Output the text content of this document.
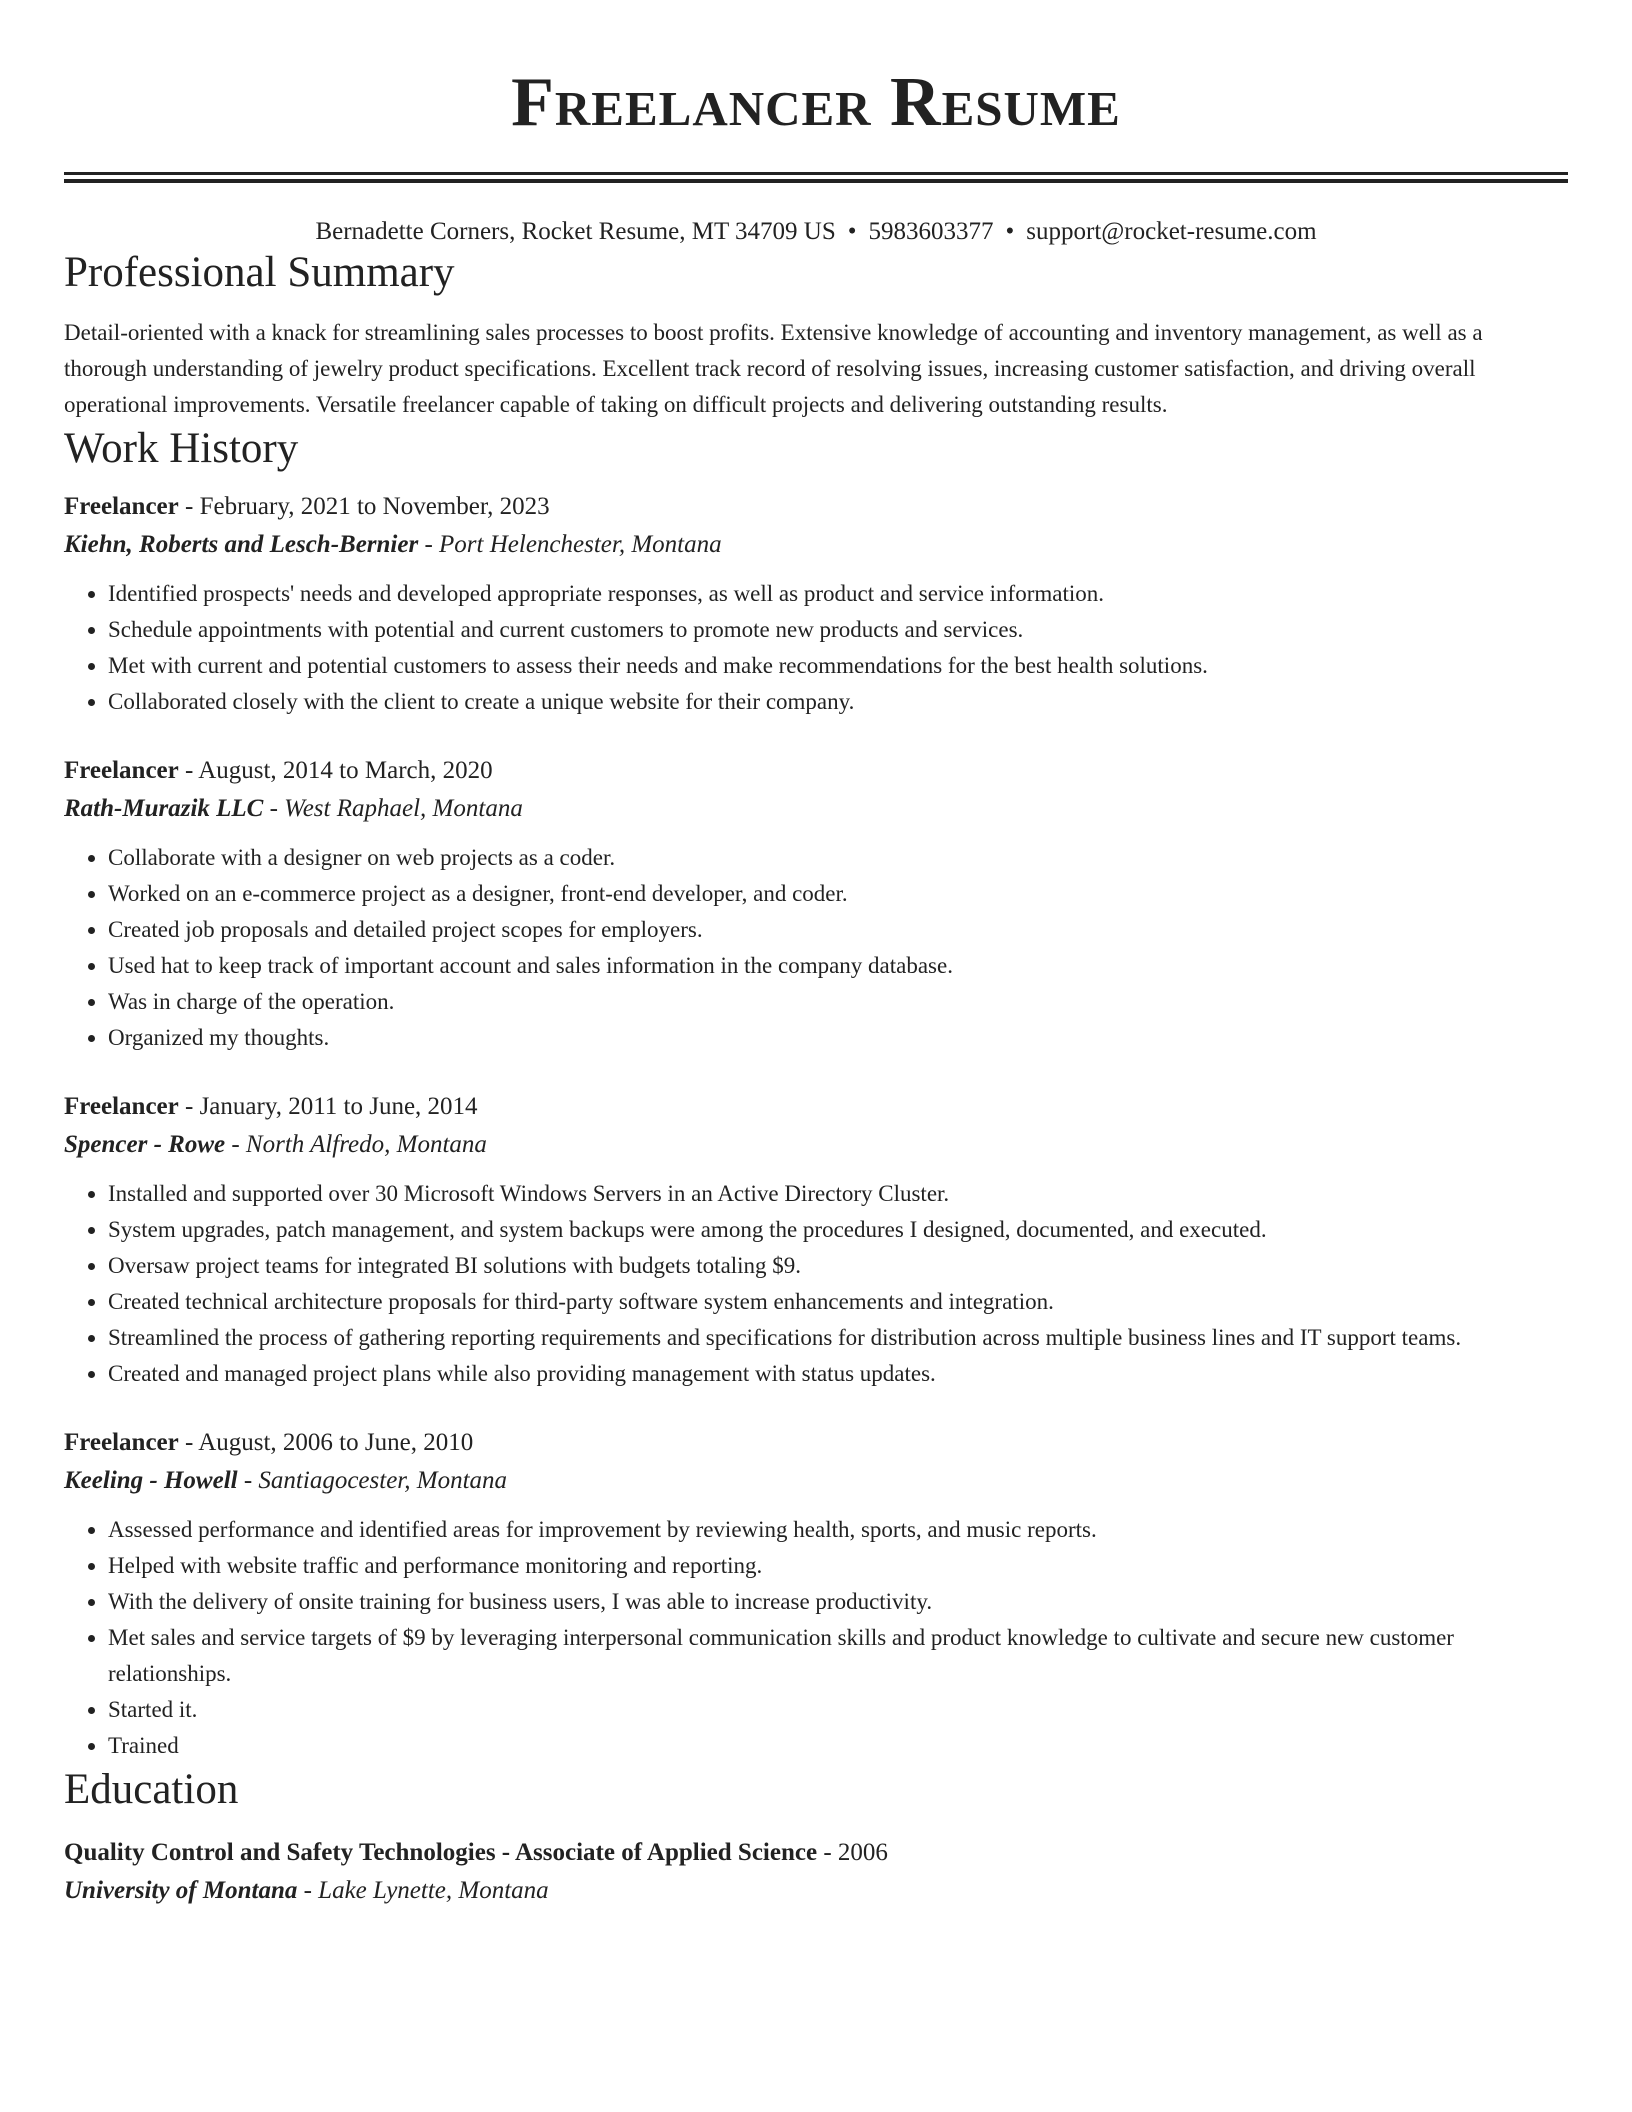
Freelancer Resume
Bernadette Corners, Rocket Resume, MT 34709 US • 5983603377 • support@rocket-resume.com
Professional Summary

Detail-oriented with a knack for streamlining sales processes to boost profits. Extensive knowledge of accounting and inventory management, as well as a thorough understanding of jewelry product specifications. Excellent track record of resolving issues, increasing customer satisfaction, and driving overall operational improvements. Versatile freelancer capable of taking on difficult projects and delivering outstanding results.

Work History
Freelancer - February, 2021 to November, 2023
Kiehn, Roberts and Lesch-Bernier - Port Helenchester, Montana
• Identified prospects' needs and developed appropriate responses, as well as product and service information.
• Schedule appointments with potential and current customers to promote new products and services.
• Met with current and potential customers to assess their needs and make recommendations for the best health solutions.
• Collaborated closely with the client to create a unique website for their company.
Freelancer - August, 2014 to March, 2020
Rath-Murazik LLC - West Raphael, Montana
• Collaborate with a designer on web projects as a coder.
• Worked on an e-commerce project as a designer, front-end developer, and coder.
• Created job proposals and detailed project scopes for employers.
• Used hat to keep track of important account and sales information in the company database.
• Was in charge of the operation.
• Organized my thoughts.
Freelancer - January, 2011 to June, 2014
Spencer - Rowe - North Alfredo, Montana
• Installed and supported over 30 Microsoft Windows Servers in an Active Directory Cluster.
• System upgrades, patch management, and system backups were among the procedures I designed, documented, and executed.
• Oversaw project teams for integrated BI solutions with budgets totaling $9.
• Created technical architecture proposals for third-party software system enhancements and integration.
• Streamlined the process of gathering reporting requirements and specifications for distribution across multiple business lines and IT support teams.
• Created and managed project plans while also providing management with status updates.
Freelancer - August, 2006 to June, 2010
Keeling - Howell - Santiagocester, Montana
• Assessed performance and identified areas for improvement by reviewing health, sports, and music reports.
• Helped with website traffic and performance monitoring and reporting.
• With the delivery of onsite training for business users, I was able to increase productivity.
• Met sales and service targets of $9 by leveraging interpersonal communication skills and product knowledge to cultivate and secure new customer relationships.
• Started it.
• Trained
Education
Quality Control and Safety Technologies - Associate of Applied Science - 2006
University of Montana - Lake Lynette, Montana
